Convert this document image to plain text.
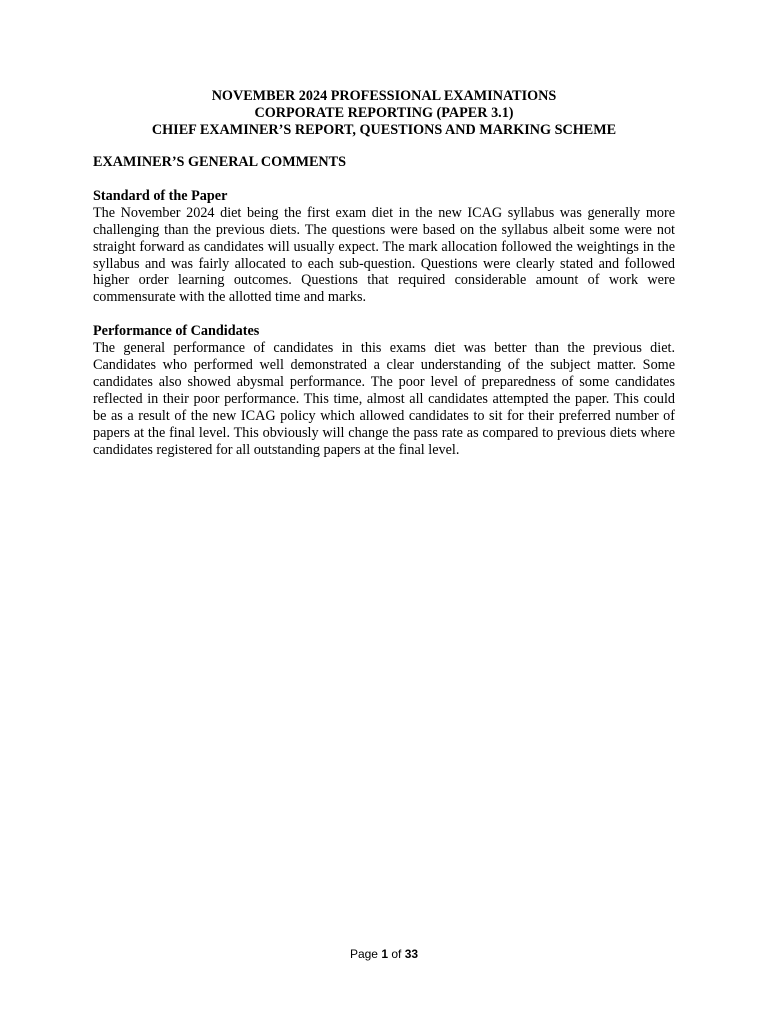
NOVEMBER 2024 PROFESSIONAL EXAMINATIONS
CORPORATE REPORTING (PAPER 3.1)
CHIEF EXAMINER’S REPORT, QUESTIONS AND MARKING SCHEME

EXAMINER’S GENERAL COMMENTS

Standard of the Paper

The November 2024 diet being the first exam diet in the new ICAG syllabus was generally more challenging than the previous diets. The questions were based on the syllabus albeit some were not straight forward as candidates will usually expect. The mark allocation followed the weightings in the syllabus and was fairly allocated to each sub-question. Questions were clearly stated and followed higher order learning outcomes. Questions that required considerable amount of work were commensurate with the allotted time and marks.

Performance of Candidates

The general performance of candidates in this exams diet was better than the previous diet. Candidates who performed well demonstrated a clear understanding of the subject matter. Some candidates also showed abysmal performance. The poor level of preparedness of some candidates reflected in their poor performance. This time, almost all candidates attempted the paper. This could be as a result of the new ICAG policy which allowed candidates to sit for their preferred number of papers at the final level. This obviously will change the pass rate as compared to previous diets where candidates registered for all outstanding papers at the final level.

Page 1 of 33
